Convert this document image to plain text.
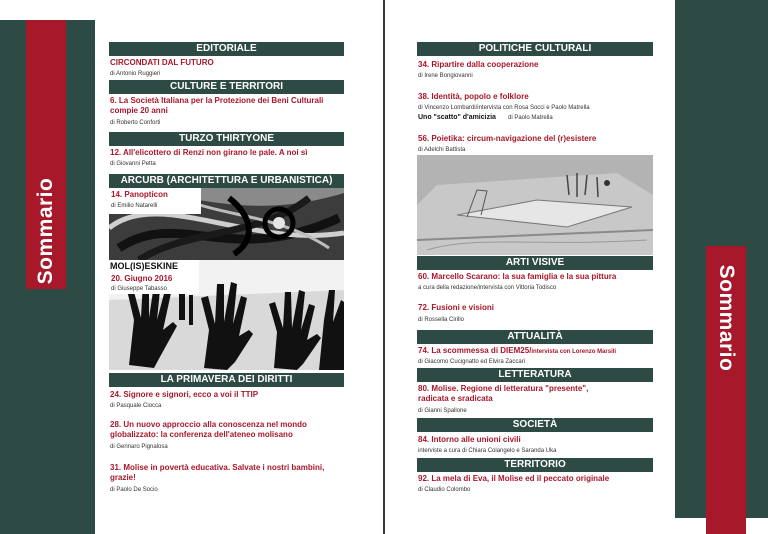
Sommario
EDITORIALE
CIRCONDATI DAL FUTURO
di Antonio Ruggieri
CULTURE E TERRITORI
6. La Società Italiana per la Protezione dei Beni Culturali
compie 20 anni
di Roberto Conforti
TURZO THIRTYONE
12. All'elicottero di Renzi non girano le pale. A noi sì
di Giovanni Petta
ARCURB (ARCHITETTURA E URBANISTICA)
14. Panopticon
di Emilio Natarelli
MOL(IS)ESKINE
20. Giugno 2016
di Giuseppe Tabasso
LA PRIMAVERA DEI DIRITTI
24. Signore e signori, ecco a voi il TTIP
di Pasquale Ciocca
28. Un nuovo approccio alla conoscenza nel mondo
globalizzato: la conferenza dell'ateneo molisano
di Gennaro Pignalosa
31. Molise in povertà educativa. Salvate i nostri bambini,
grazie!
di Paolo De Socio
Sommario
POLITICHE CULTURALI
34. Ripartire dalla cooperazione
di Irene Bongiovanni
38. Identità, popolo e folklore
di Vincenzo Lombardi/intervista con Rosa Socci e Paolo Matrella
Uno "scatto" d'amicizia di Paolo Matrella
56. Poietika: circum-navigazione del (r)esistere
di Adelchi Battista
ARTI VISIVE
60. Marcello Scarano: la sua famiglia e la sua pittura
a cura della redazione/intervista con Vittoria Todisco
72. Fusioni e visioni
di Rossella Cirillo
ATTUALITÀ
74. La scommessa di DIEM25/intervista con Lorenzo Marsili
di Giacomo Cucignatto ed Elvira Zaccari
LETTERATURA
80. Molise. Regione di letteratura "presente",
radicata e sradicata
di Gianni Spallone
SOCIETÀ
84. Intorno alle unioni civili
interviste a cura di Chiara Colangelo e Saranda Uka
TERRITORIO
92. La mela di Eva, il Molise ed il peccato originale
di Claudio Colombo
